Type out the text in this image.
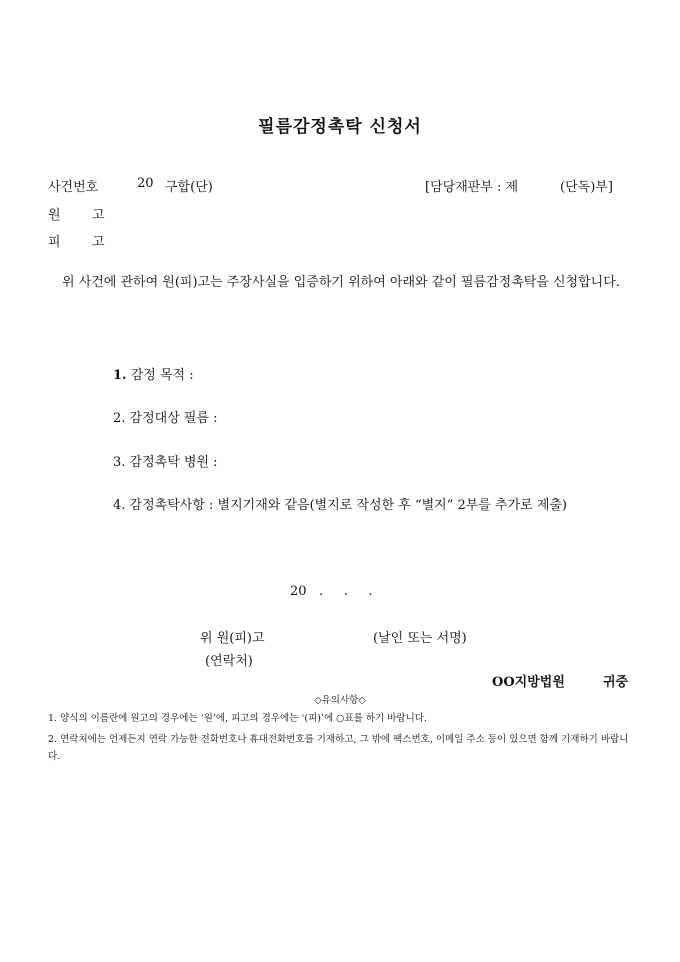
필름감정촉탁 신청서
사건번호	20 구합(단)	[담당재판부 : 제	(단독)부]
원 고
피 고
위 사건에 관하여 원(피)고는 주장사실을 입증하기 위하여 아래와 같이 필름감정촉탁을 신청합니다.
1. 감정 목적 :
2. 감정대상 필름 :
3. 감정촉탁 병원 :
4. 감정촉탁사항 : 별지기재와 같음(별지로 작성한 후 “별지” 2부를 추가로 제출)
20   .     .     .
위 원(피)고	(날인 또는 서명)
(연락처)
OO지방법원	귀중
◇유의사항◇
1. 양식의 이름란에 원고의 경우에는 ‘원’에, 피고의 경우에는 ‘(피)’에 ○표를 하기 바랍니다.
2. 연락처에는 언제든지 연락 가능한 전화번호나 휴대전화번호를 기재하고, 그 밖에 팩스번호, 이메일 주소 등이 있으면 함께 기재하기 바랍니다.
